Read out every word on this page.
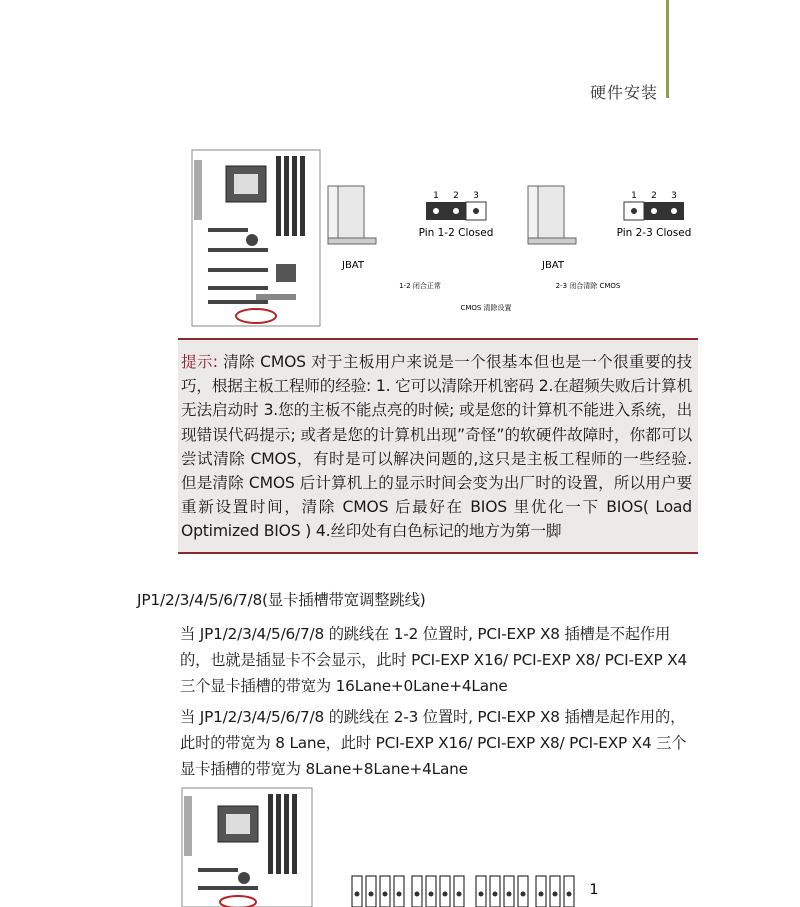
硬件安装
JBAT
1 2 3
Pin 1-2 Closed
1-2 闭合正常
JBAT
1 2 3
Pin 2-3 Closed
2-3 闭合清除 CMOS
CMOS 清除设置

提示: 清除 CMOS 对于主板用户来说是一个很基本但也是一个很重要的技巧，根据主板工程师的经验: 1. 它可以清除开机密码 2.在超频失败后计算机无法启动时 3.您的主板不能点亮的时候; 或是您的计算机不能进入系统，出现错误代码提示; 或者是您的计算机出现”奇怪”的软硬件故障时，你都可以尝试清除 CMOS，有时是可以解决问题的,这只是主板工程师的一些经验. 但是清除 CMOS 后计算机上的显示时间会变为出厂时的设置，所以用户要重新设置时间，清除 CMOS 后最好在 BIOS 里优化一下 BIOS( Load Optimized BIOS ) 4.丝印处有白色标记的地方为第一脚

JP1/2/3/4/5/6/7/8(显卡插槽带宽调整跳线)

当 JP1/2/3/4/5/6/7/8 的跳线在 1-2 位置时, PCI-EXP X8 插槽是不起作用的，也就是插显卡不会显示，此时 PCI-EXP X16/ PCI-EXP X8/ PCI-EXP X4 三个显卡插槽的带宽为 16Lane+0Lane+4Lane

当 JP1/2/3/4/5/6/7/8 的跳线在 2-3 位置时, PCI-EXP X8 插槽是起作用的，此时的带宽为 8 Lane，此时 PCI-EXP X16/ PCI-EXP X8/ PCI-EXP X4 三个显卡插槽的带宽为 8Lane+8Lane+4Lane

1
